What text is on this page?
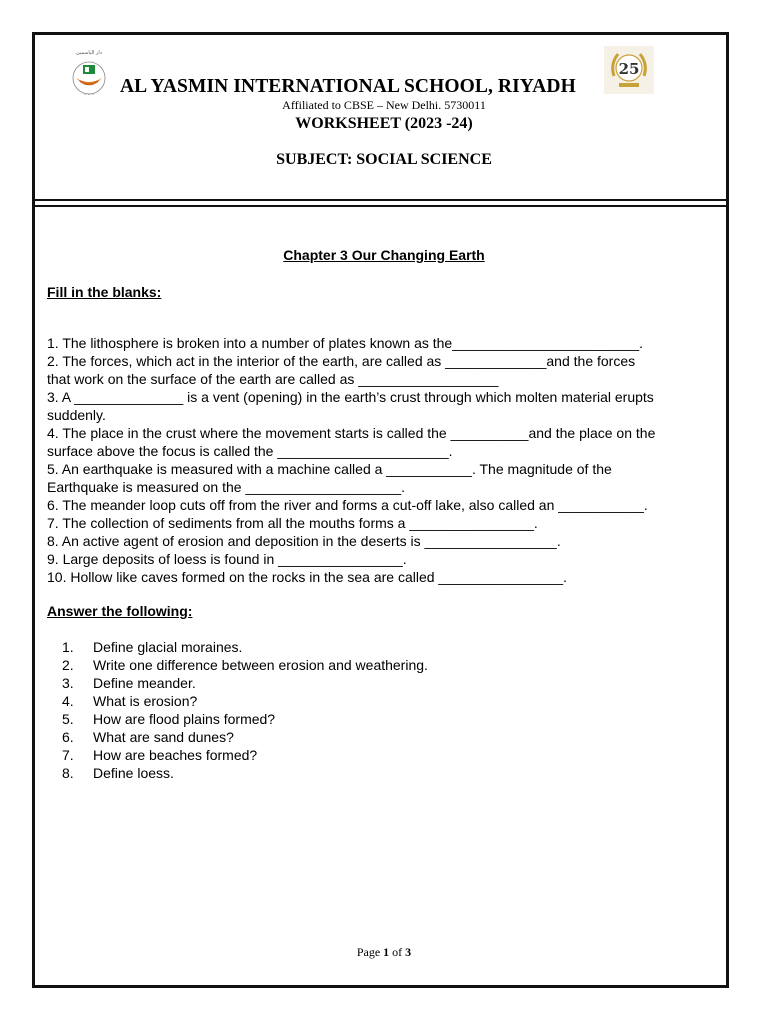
دار الياسمين
~ ~ ~
25
AL YASMIN INTERNATIONAL SCHOOL, RIYADH
Affiliated to CBSE – New Delhi. 5730011
WORKSHEET (2023 -24)
SUBJECT: SOCIAL SCIENCE
Chapter 3 Our Changing Earth
Fill in the blanks:
1. The lithosphere is broken into a number of plates known as the________________________.
2. The forces, which act in the interior of the earth, are called as _____________and the forces
that work on the surface of the earth are called as __________________
3. A ______________ is a vent (opening) in the earth’s crust through which molten material erupts
suddenly.
4. The place in the crust where the movement starts is called the __________and the place on the
surface above the focus is called the ______________________.
5. An earthquake is measured with a machine called a ___________. The magnitude of the
Earthquake is measured on the ____________________.
6. The meander loop cuts off from the river and forms a cut-off lake, also called an ___________.
7. The collection of sediments from all the mouths forms a ________________.
8. An active agent of erosion and deposition in the deserts is _________________.
9. Large deposits of loess is found in ________________.
10. Hollow like caves formed on the rocks in the sea are called ________________.
Answer the following:
1.	Define glacial moraines.
2.	Write one difference between erosion and weathering.
3.	Define meander.
4.	What is erosion?
5.	How are flood plains formed?
6.	What are sand dunes?
7.	How are beaches formed?
8.	Define loess.
Page 1 of 3
